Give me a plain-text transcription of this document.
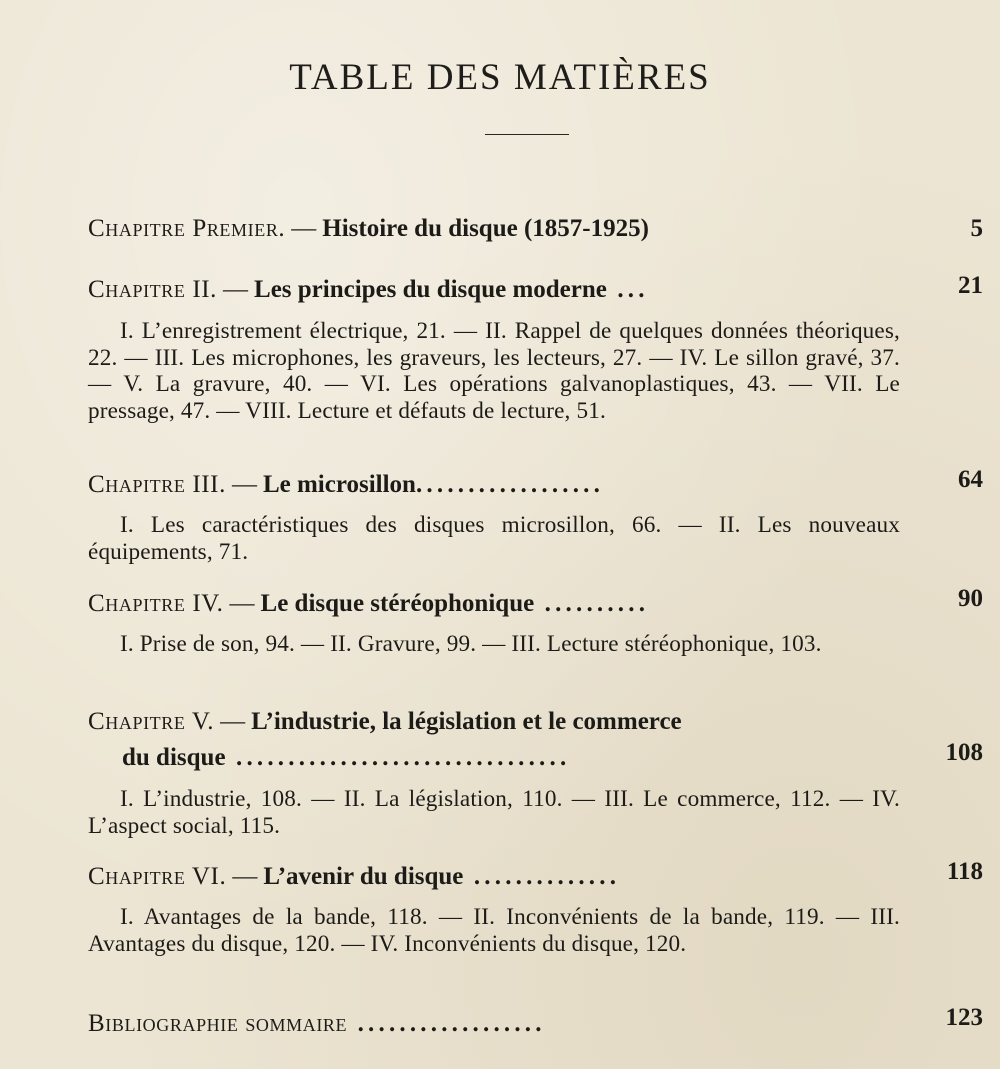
TABLE DES MATIÈRES
Chapitre Premier. — Histoire du disque (1857-1925)	5
Chapitre II. — Les principes du disque moderne ...	21
I. L’enregistrement électrique, 21. — II. Rappel de quelques données théoriques, 22. — III. Les microphones, les graveurs, les lecteurs, 27. — IV. Le sillon gravé, 37. — V. La gravure, 40. — VI. Les opérations galvanoplastiques, 43. — VII. Le pressage, 47. — VIII. Lecture et défauts de lecture, 51.
Chapitre III. — Le microsillon..................	64
I. Les caractéristiques des disques microsillon, 66. — II. Les nouveaux équipements, 71.
Chapitre IV. — Le disque stéréophonique ..........	90
I. Prise de son, 94. — II. Gravure, 99. — III. Lecture stéréophonique, 103.
Chapitre V. — L’industrie, la législation et le commerce
du disque ................................	108
I. L’industrie, 108. — II. La législation, 110. — III. Le commerce, 112. — IV. L’aspect social, 115.
Chapitre VI. — L’avenir du disque ..............	118
I. Avantages de la bande, 118. — II. Inconvénients de la bande, 119. — III. Avantages du disque, 120. — IV. Inconvénients du disque, 120.
Bibliographie sommaire ..................	123
